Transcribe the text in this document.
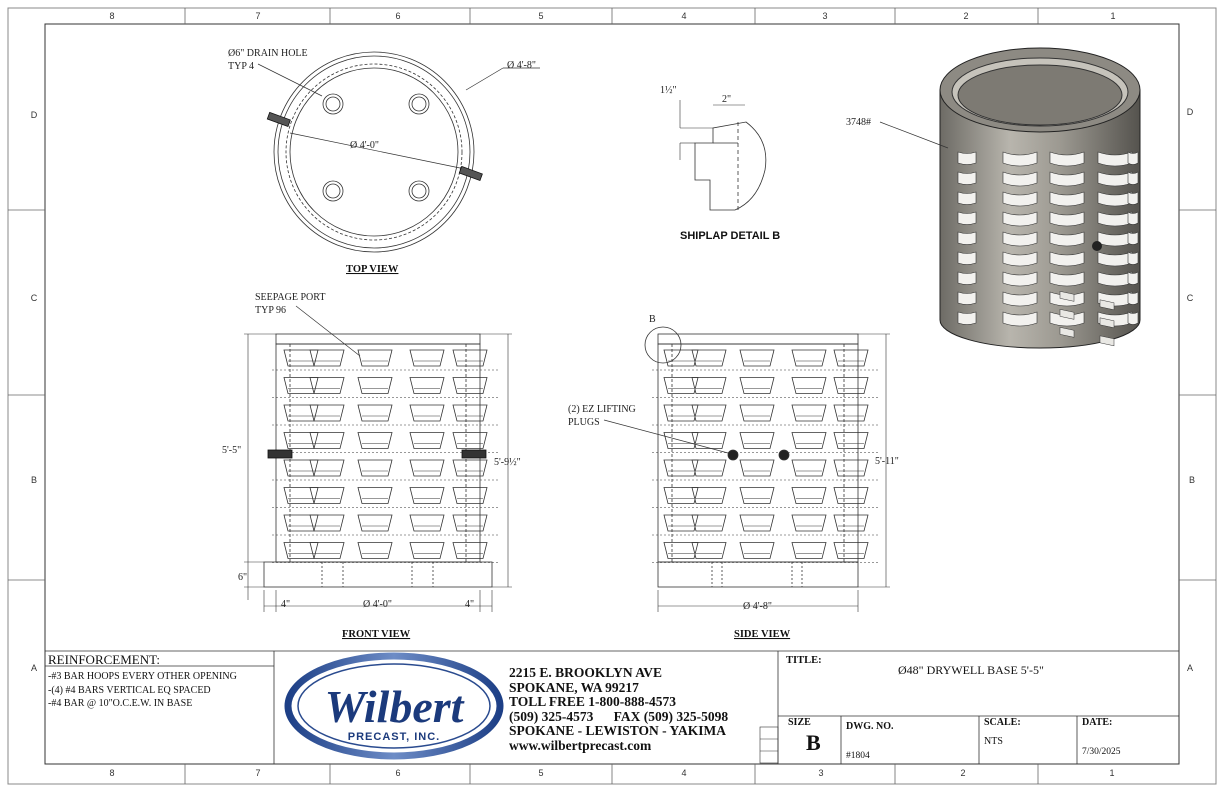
8	7	6	5	4	3	2	1
8	7	6	5	4	3	2	1
D
C
B
A
D
C
B
A
Ø6" DRAIN HOLE
TYP 4	Ø 4'-8"
Ø 4'-0"
TOP VIEW
1½"
2"
SHIPLAP DETAIL B
3748#
SEEPAGE PORT
TYP 96
5'-5"
5'-9½"
6"
Ø 4'-0"
4"	4"
FRONT VIEW
B
(2) EZ LIFTING
PLUGS
5'-11"
Ø 4'-8"
SIDE VIEW
Wilbert
PRECAST, INC.
REINFORCEMENT:
-#3 BAR HOOPS EVERY OTHER OPENING
-(4) #4 BARS VERTICAL EQ SPACED
-#4 BAR @ 10"O.C.E.W. IN BASE
2215 E. BROOKLYN AVE
SPOKANE, WA 99217
TOLL FREE 1-800-888-4573
(509) 325-4573      FAX (509) 325-5098
SPOKANE - LEWISTON - YAKIMA
www.wilbertprecast.com
TITLE:
Ø48" DRYWELL BASE 5'-5"
SIZE
B
DWG. NO.
#1804
SCALE:
NTS
DATE:
7/30/2025
